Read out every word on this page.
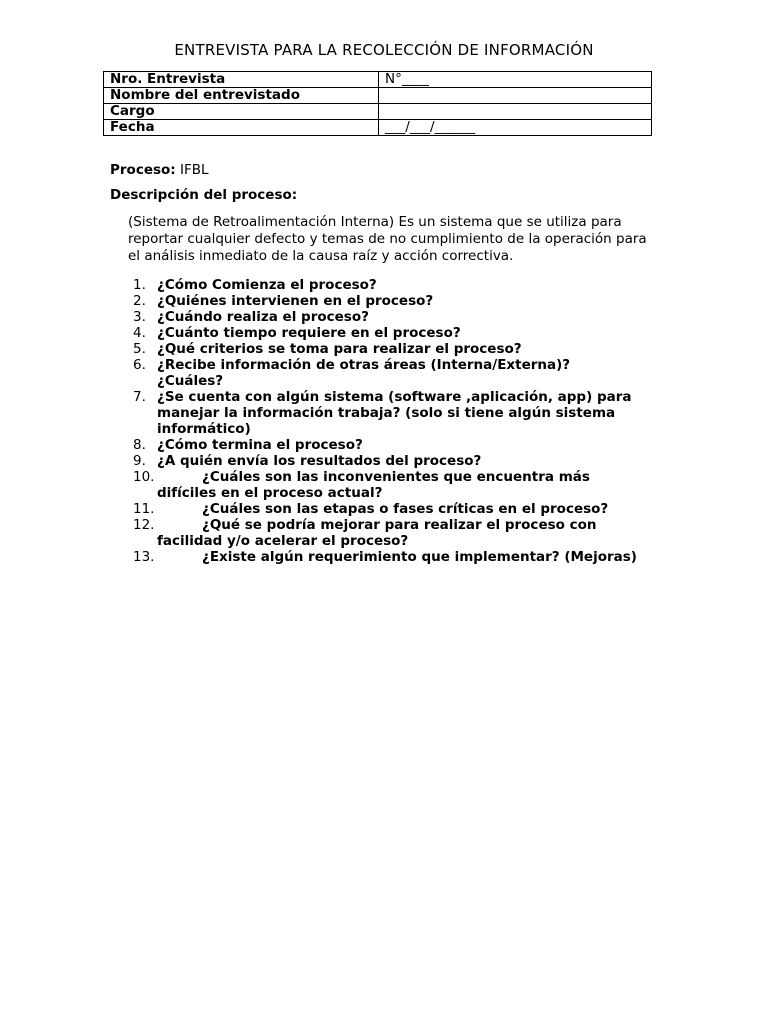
ENTREVISTA PARA LA RECOLECCIÓN DE INFORMACIÓN
Nro. Entrevista	N°____
Nombre del entrevistado	
Cargo	
Fecha	___/___/______
Proceso: IFBL
Descripción del proceso:
(Sistema de Retroalimentación Interna) Es un sistema que se utiliza para reportar cualquier defecto y temas de no cumplimiento de la operación para el análisis inmediato de la causa raíz y acción correctiva.
1. ¿Cómo Comienza el proceso?
2. ¿Quiénes intervienen en el proceso?
3. ¿Cuándo realiza el proceso?
4. ¿Cuánto tiempo requiere en el proceso?
5. ¿Qué criterios se toma para realizar el proceso?
6. ¿Recibe información de otras áreas (Interna/Externa)? ¿Cuáles?
7. ¿Se cuenta con algún sistema (software ,aplicación, app) para manejar la información trabaja? (solo si tiene algún sistema informático)
8. ¿Cómo termina el proceso?
9. ¿A quién envía los resultados del proceso?
10.	¿Cuáles son las inconvenientes que encuentra más difíciles en el proceso actual?
11.	¿Cuáles son las etapas o fases críticas en el proceso?
12.	¿Qué se podría mejorar para realizar el proceso con facilidad y/o acelerar el proceso?
13.	¿Existe algún requerimiento que implementar? (Mejoras)
